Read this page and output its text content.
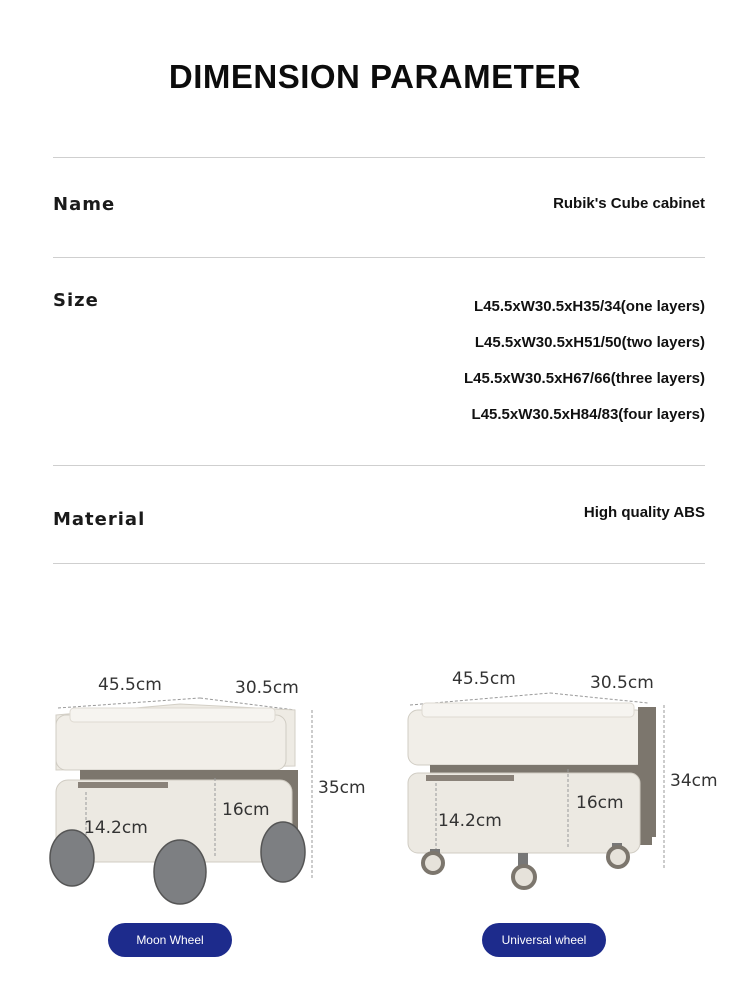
DIMENSION PARAMETER
Name	Rubik's Cube cabinet
Size	L45.5xW30.5xH35/34(one layers)
L45.5xW30.5xH51/50(two layers)
L45.5xW30.5xH67/66(three layers)
L45.5xW30.5xH84/83(four layers)
Material	High quality ABS
45.5cm	30.5cm
35cm
14.2cm
16cm
45.5cm	30.5cm
34cm
14.2cm
16cm
Moon Wheel	Universal wheel
